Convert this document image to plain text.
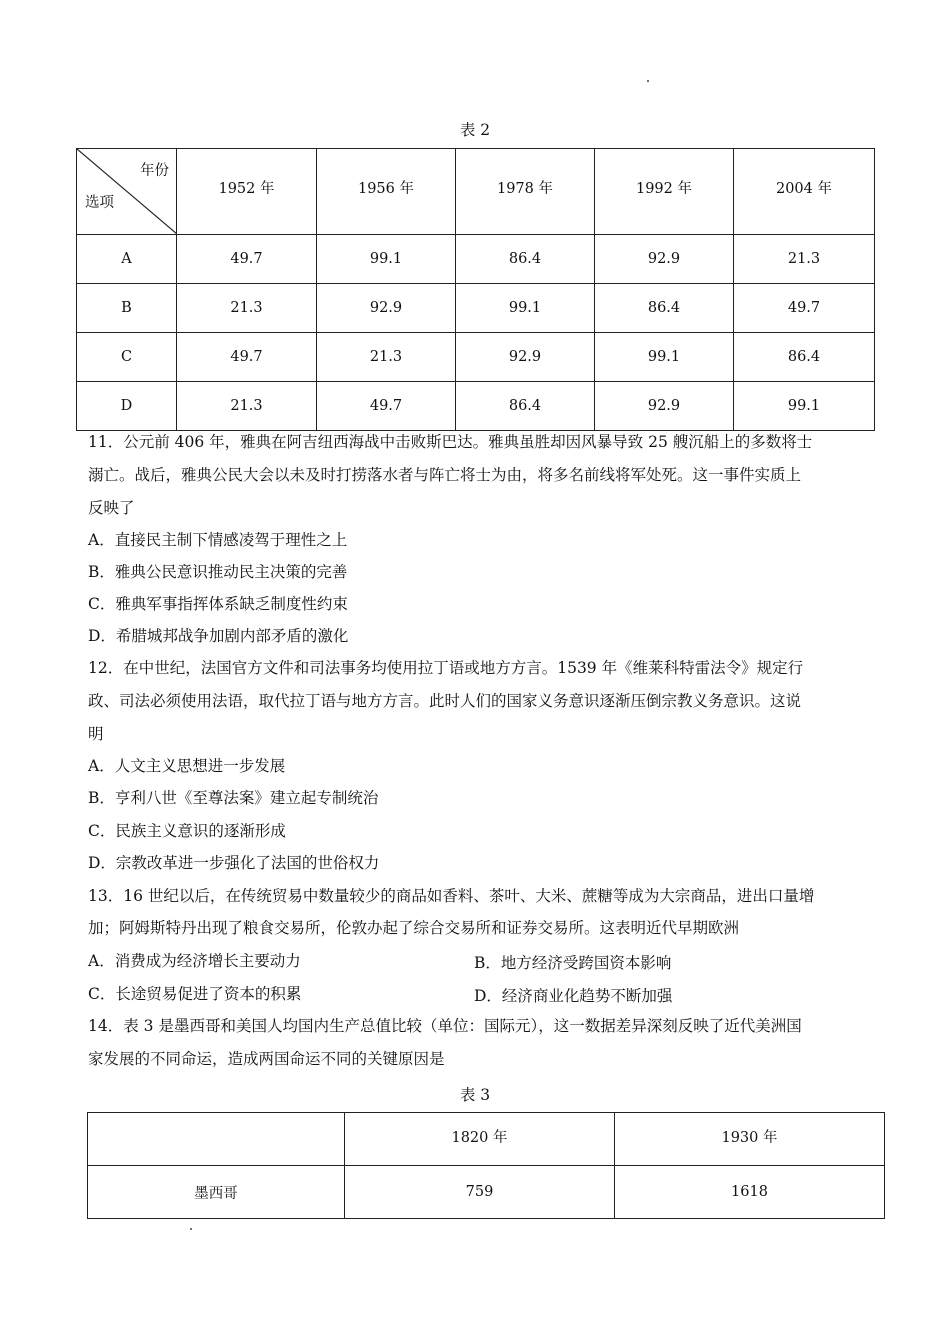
表 2
年份
选项	1952 年	1956 年	1978 年	1992 年	2004 年
A	49.7	99.1	86.4	92.9	21.3
B	21.3	92.9	99.1	86.4	49.7
C	49.7	21.3	92.9	99.1	86.4
D	21.3	49.7	86.4	92.9	99.1
11．公元前 406 年，雅典在阿吉纽西海战中击败斯巴达。雅典虽胜却因风暴导致 25 艘沉船上的多数将士
溺亡。战后，雅典公民大会以未及时打捞落水者与阵亡将士为由，将多名前线将军处死。这一事件实质上
反映了
A．直接民主制下情感凌驾于理性之上
B．雅典公民意识推动民主决策的完善
C．雅典军事指挥体系缺乏制度性约束
D．希腊城邦战争加剧内部矛盾的激化
12．在中世纪，法国官方文件和司法事务均使用拉丁语或地方方言。1539 年《维莱科特雷法令》规定行
政、司法必须使用法语，取代拉丁语与地方方言。此时人们的国家义务意识逐渐压倒宗教义务意识。这说
明
A．人文主义思想进一步发展
B．亨利八世《至尊法案》建立起专制统治
C．民族主义意识的逐渐形成
D．宗教改革进一步强化了法国的世俗权力
13．16 世纪以后，在传统贸易中数量较少的商品如香料、茶叶、大米、蔗糖等成为大宗商品，进出口量增
加；阿姆斯特丹出现了粮食交易所，伦敦办起了综合交易所和证券交易所。这表明近代早期欧洲
A．消费成为经济增长主要动力	B．地方经济受跨国资本影响
C．长途贸易促进了资本的积累	D．经济商业化趋势不断加强
14．表 3 是墨西哥和美国人均国内生产总值比较（单位：国际元），这一数据差异深刻反映了近代美洲国
家发展的不同命运，造成两国命运不同的关键原因是
表 3
	1820 年	1930 年
墨西哥	759	1618
